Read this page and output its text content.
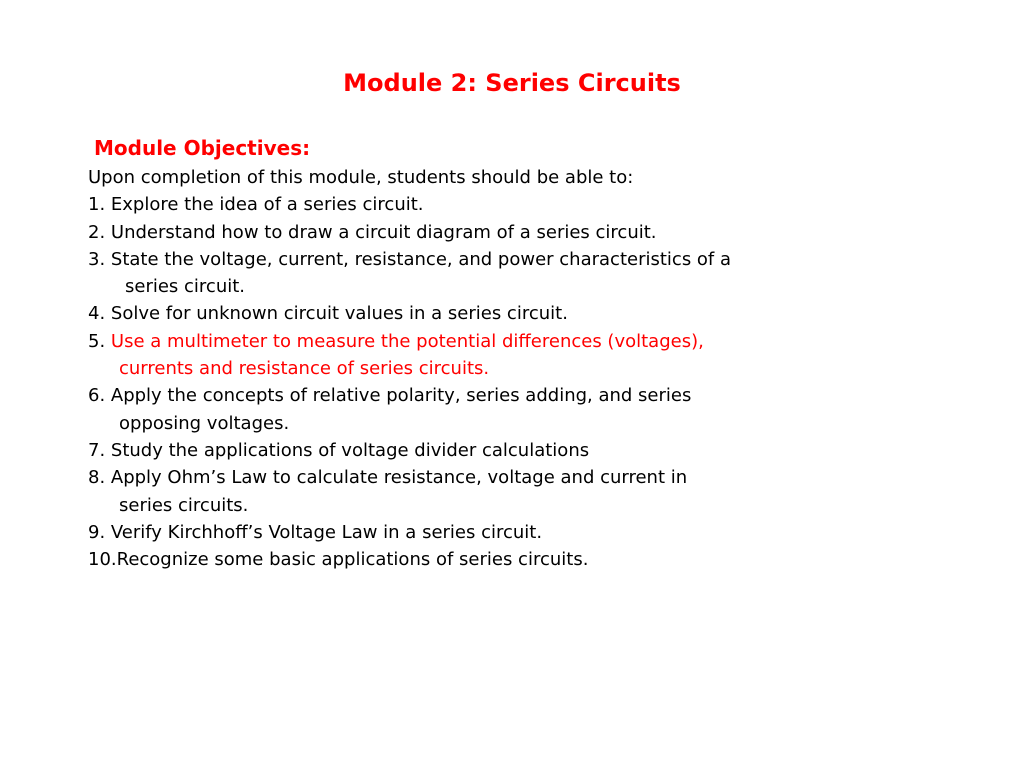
Module 2: Series Circuits
Module Objectives:
Upon completion of this module, students should be able to:
1. Explore the idea of a series circuit.
2. Understand how to draw a circuit diagram of a series circuit.
3. State the voltage, current, resistance, and power characteristics of a
series circuit.
4. Solve for unknown circuit values in a series circuit.
5. Use a multimeter to measure the potential differences (voltages),
currents and resistance of series circuits.
6. Apply the concepts of relative polarity, series adding, and series
opposing voltages.
7. Study the applications of voltage divider calculations
8. Apply Ohm’s Law to calculate resistance, voltage and current in
series circuits.
9. Verify Kirchhoff’s Voltage Law in a series circuit.
10.Recognize some basic applications of series circuits.
